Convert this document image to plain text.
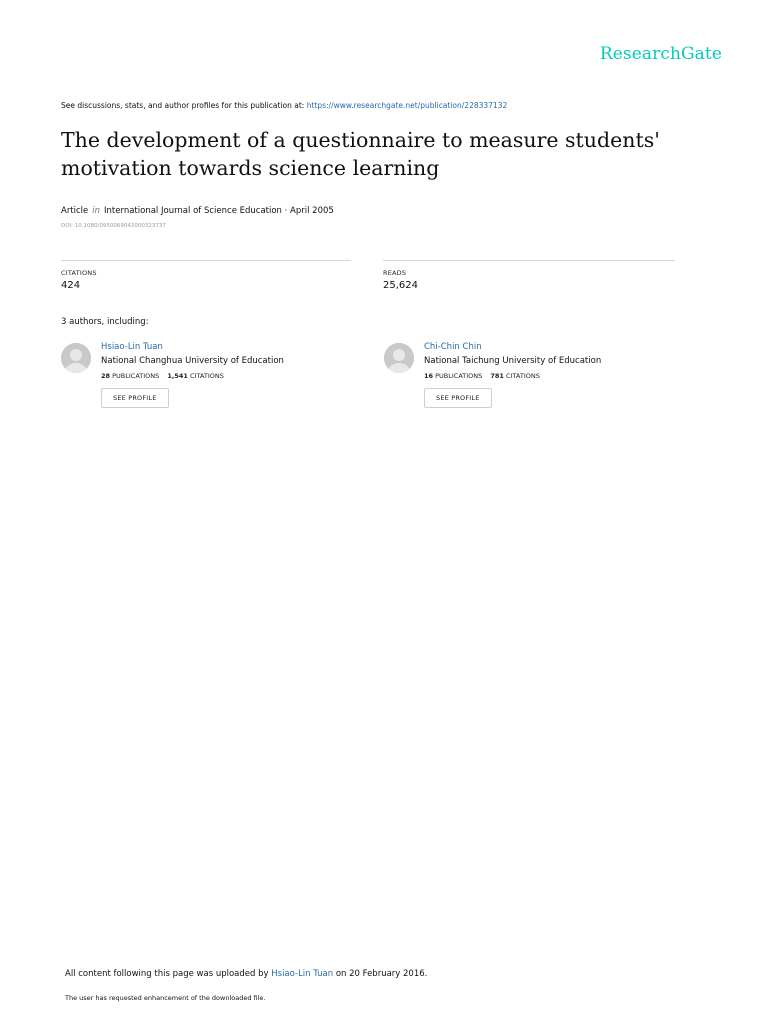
ResearchGate
See discussions, stats, and author profiles for this publication at: https://www.researchgate.net/publication/228337132
The development of a questionnaire to measure students' motivation towards science learning
Article in International Journal of Science Education · April 2005
DOI: 10.1080/0950069042000323737
CITATIONS
424
READS
25,624
3 authors, including:
Hsiao-Lin Tuan
National Changhua University of Education
28 PUBLICATIONS 1,541 CITATIONS
SEE PROFILE
Chi-Chin Chin
National Taichung University of Education
16 PUBLICATIONS 781 CITATIONS
SEE PROFILE
All content following this page was uploaded by Hsiao-Lin Tuan on 20 February 2016.
The user has requested enhancement of the downloaded file.
